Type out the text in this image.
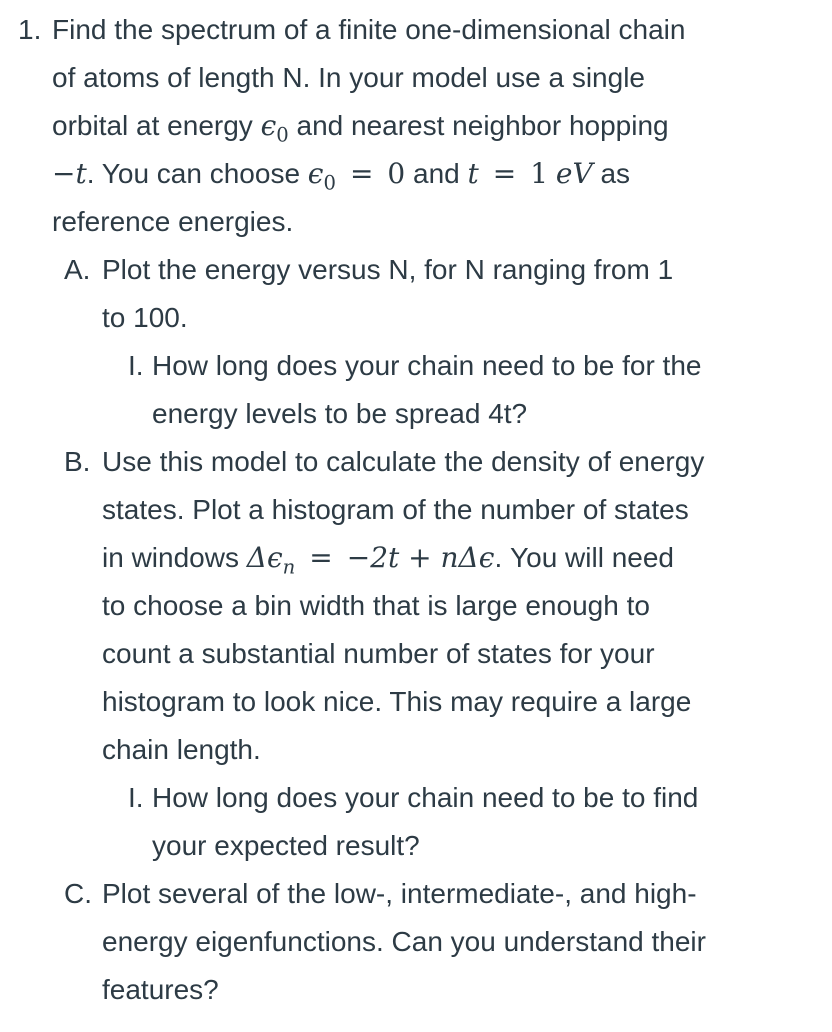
1. Find the spectrum of a finite one-dimensional chain
of atoms of length N. In your model use a single
orbital at energy $\epsilon_0$ and nearest neighbor hopping
−t. You can choose $\epsilon_0 = 0$ and t = 1 eV as
reference energies.
A. Plot the energy versus N, for N ranging from 1
to 100.
I. How long does your chain need to be for the
energy levels to be spread 4t?
B. Use this model to calculate the density of energy
states. Plot a histogram of the number of states
in windows $\Delta\epsilon_n = -2t + n\Delta\epsilon$. You will need
to choose a bin width that is large enough to
count a substantial number of states for your
histogram to look nice. This may require a large
chain length.
I. How long does your chain need to be to find
your expected result?
C. Plot several of the low-, intermediate-, and high-
energy eigenfunctions. Can you understand their
features?
